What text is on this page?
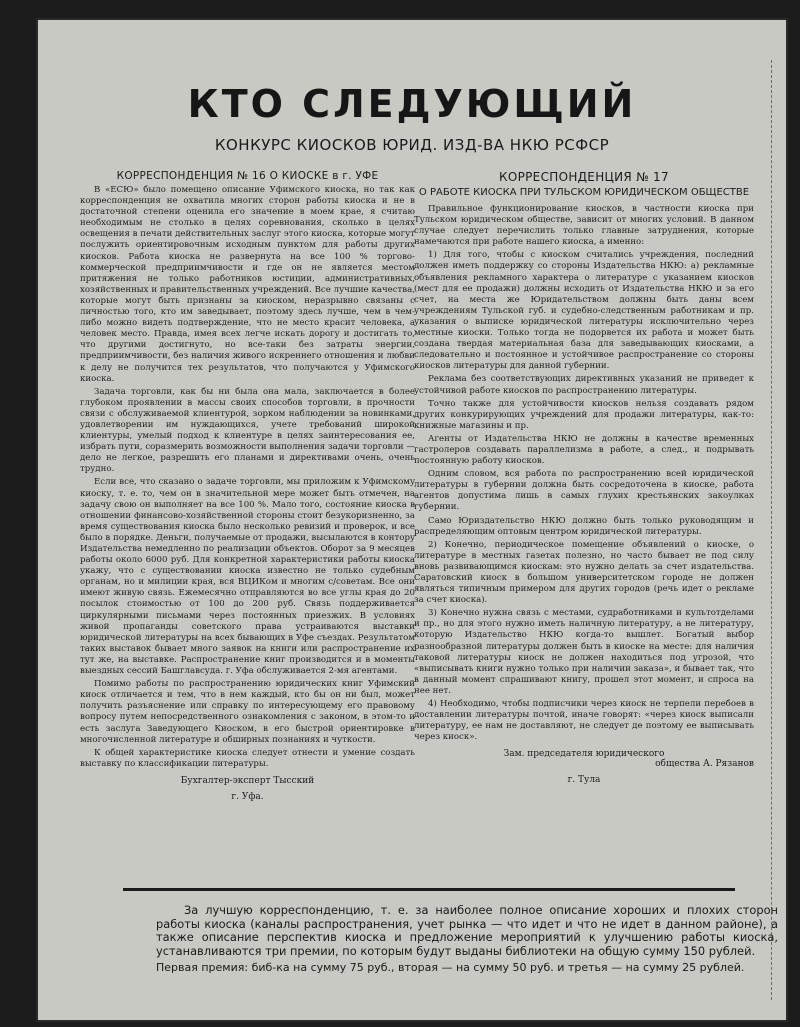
КТО СЛЕДУЮЩИЙ
КОНКУРС КИОСКОВ ЮРИД. ИЗД-ВА НКЮ РСФСР
КОРРЕСПОНДЕНЦИЯ № 16 О КИОСКЕ в г. УФЕ

В «ЕСЮ» было помещено описание Уфимского киоска, но так как корреспонденция не охватила многих сторон работы киоска и не в достаточной степени оценила его значение в моем крае, я считаю необходимым не столько в целях соревнования, сколько в целях освещения в печати действительных заслуг этого киоска, которые могут послужить ориентировочным исходным пунктом для работы других киосков. Работа киоска не развернута на все 100 % торгово-коммерческой предприимчивости и где он не является местом притяжения не только работников юстиции, административных, хозяйственных и правительственных учреждений. Все лучшие качества, которые могут быть признаны за киоском, неразрывно связаны с личностью того, кто им заведывает, поэтому здесь лучше, чем в чем-либо можно видеть подтверждение, что не место красит человека, а человек место. Правда, имея всех легче искать дорогу и достигать то, что другими достигнуто, но все-таки без затраты энергии, предприимчивости, без наличия живого искреннего отношения и любви к делу не получится тех результатов, что получаются у Уфимского киоска.

Задача торговли, как бы ни была она мала, заключается в более глубоком проявлении в массы своих способов торговли, в прочности связи с обслуживаемой клиентурой, зорком наблюдении за новинками, удовлетворении им нуждающихся, учете требований широкой клиентуры, умелый подход к клиентуре в целях заинтересования ее, избрать пути, соразмерить возможности выполнения задачи торговли — дело не легкое, разрешить его планами и директивами очень, очень трудно.

Если все, что сказано о задаче торговли, мы приложим к Уфимскому киоску, т. е. то, чем он в значительной мере может быть отмечен, на задачу свою он выполняет на все 100 %. Мало того, состояние киоска в отношении финансово-хозяйственной стороны стоит безукоризненно, за время существования киоска было несколько ревизий и проверок, и все было в порядке. Деньги, получаемые от продажи, высылаются в контору Издательства немедленно по реализации объектов. Оборот за 9 месяцев работы около 6000 руб. Для конкретной характеристики работы киоска укажу, что с существовании киоска известно не только судебным органам, но и милиции края, вся ВЦИКом и многим с/советам. Все они имеют живую связь. Ежемесячно отправляются во все углы края до 20 посылок стоимостью от 100 до 200 руб. Связь поддерживается циркулярными письмами через постоянных приезжих. В условиях живой пропаганды советского права устраиваются выставки юридической литературы на всех бывающих в Уфе съездах. Результатом таких выставок бывает много заявок на книги или распространение их тут же, на выставке. Распространение книг производится и в моменты выездных сессий Башглавсуда. г. Уфа обслуживается 2-мя агентами.

Помимо работы по распространению юридических книг Уфимский киоск отличается и тем, что в нем каждый, кто бы он ни был, может получить разъяснение или справку по интересующему его правовому вопросу путем непосредственного ознакомления с законом, в этом-то и есть заслуга Заведующего Киоском, в его быстрой ориентировке в многочисленной литературе и обширных познаниях и чуткости.

К общей характеристике киоска следует отнести и умение создать выставку по классификации литературы.

Бухгалтер-эксперт Тысский
г. Уфа.
КОРРЕСПОНДЕНЦИЯ № 17
О РАБОТЕ КИОСКА ПРИ ТУЛЬСКОМ ЮРИДИЧЕСКОМ ОБЩЕСТВЕ

Правильное функционирование киосков, в частности киоска при Тульском юридическом обществе, зависит от многих условий. В данном случае следует перечислить только главные затруднения, которые намечаются при работе нашего киоска, а именно:

1) Для того, чтобы с киоском считались учреждения, последний должен иметь поддержку со стороны Издательства НКЮ: а) рекламные объявления рекламного характера о литературе с указанием киосков (мест для ее продажи) должны исходить от Издательства НКЮ и за его счет, на места же Юридательством должны быть даны всем учреждениям Тульской губ. и судебно-следственным работникам и пр. указания о выписке юридической литературы исключительно через местные киоски. Только тогда не подорвется их работа и может быть создана твердая материальная база для заведывающих киосками, а следовательно и постоянное и устойчивое распространение со стороны киосков литературы для данной губернии.

Реклама без соответствующих директивных указаний не приведет к устойчивой работе киосков по распространению литературы.

Точно также для устойчивости киосков нельзя создавать рядом других конкурирующих учреждений для продажи литературы, как-то: книжные магазины и пр.

Агенты от Издательства НКЮ не должны в качестве временных гастролеров создавать параллелизма в работе, а след., и подрывать постоянную работу киосков.

Одним словом, вся работа по распространению всей юридической литературы в губернии должна быть сосредоточена в киоске, работа агентов допустима лишь в самых глухих крестьянских закоулках губернии.

Само Юриздательство НКЮ должно быть только руководящим и распределяющим оптовым центром юридической литературы.

2) Конечно, периодическое помещение объявлений о киоске, о литературе в местных газетах полезно, но часто бывает не под силу вновь развивающимся киоскам: это нужно делать за счет издательства. Саратовский киоск в большом университетском городе не должен являться типичным примером для других городов (речь идет о рекламе за счет киоска).

3) Конечно нужна связь с местами, судработниками и культотделами и пр., но для этого нужно иметь наличную литературу, а не литературу, которую Издательство НКЮ когда-то вышлет. Богатый выбор разнообразной литературы должен быть в киоске на месте: для наличия таковой литературы киоск не должен находиться под угрозой, что «выписывать книги нужно только при наличии заказа», и бывает так, что в данный момент спрашивают книгу, прошел этот момент, и спроса на нее нет.

4) Необходимо, чтобы подписчики через киоск не терпели перебоев в доставлении литературы почтой, иначе говорят: «через киоск выписали литературу, ее нам не доставляют, не следует де поэтому ее выписывать через киоск».

Зам. председателя юридического
общества А. Рязанов
г. Тула

За лучшую корреспонденцию, т. е. за наиболее полное описание хороших и плохих сторон работы киоска (каналы распространения, учет рынка — что идет и что не идет в данном районе), а также описание перспектив киоска и предложение мероприятий к улучшению работы киоска, устанавливаются три премии, по которым будут выданы библиотеки на общую сумму 150 рублей.

Первая премия: биб-ка на сумму 75 руб., вторая — на сумму 50 руб. и третья — на сумму 25 рублей.
